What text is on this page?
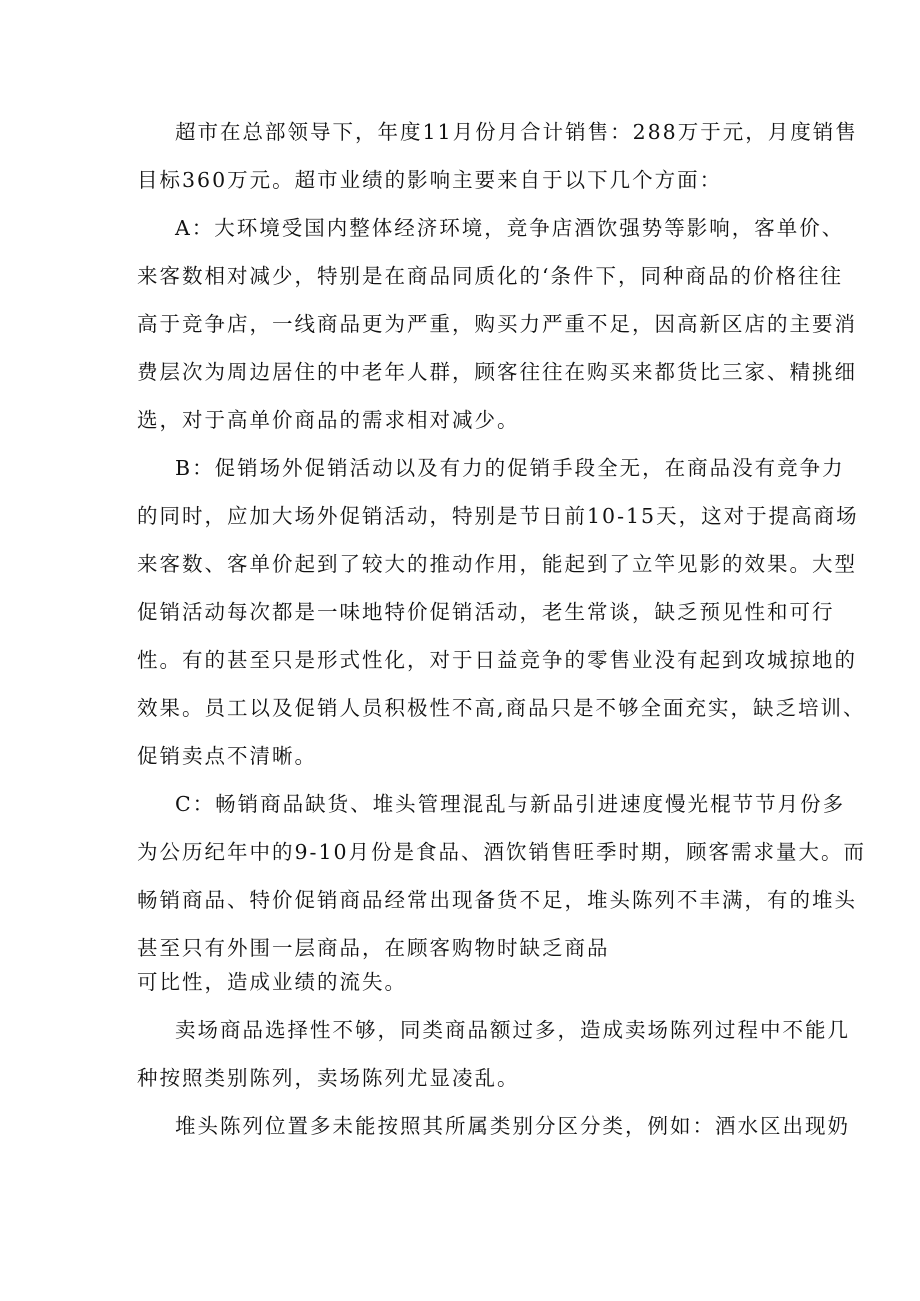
超市在总部领导下，年度11月份月合计销售：288万于元，月度销售
目标360万元。超市业绩的影响主要来自于以下几个方面：
A：大环境受国内整体经济环境，竞争店酒饮强势等影响，客单价、
来客数相对减少，特别是在商品同质化的‘条件下，同种商品的价格往往
高于竞争店，一线商品更为严重，购买力严重不足，因高新区店的主要消
费层次为周边居住的中老年人群，顾客往往在购买来都货比三家、精挑细
选，对于高单价商品的需求相对减少。
B：促销场外促销活动以及有力的促销手段全无，在商品没有竞争力
的同时，应加大场外促销活动，特别是节日前10-15天，这对于提高商场
来客数、客单价起到了较大的推动作用，能起到了立竿见影的效果。大型
促销活动每次都是一味地特价促销活动，老生常谈，缺乏预见性和可行
性。有的甚至只是形式性化，对于日益竞争的零售业没有起到攻城掠地的
效果。员工以及促销人员积极性不高,商品只是不够全面充实，缺乏培训、
促销卖点不清晰。
C：畅销商品缺货、堆头管理混乱与新品引进速度慢光棍节节月份多
为公历纪年中的9-10月份是食品、酒饮销售旺季时期，顾客需求量大。而
畅销商品、特价促销商品经常出现备货不足，堆头陈列不丰满，有的堆头
甚至只有外围一层商品，在顾客购物时缺乏商品
可比性，造成业绩的流失。
卖场商品选择性不够，同类商品额过多，造成卖场陈列过程中不能几
种按照类别陈列，卖场陈列尤显凌乱。
堆头陈列位置多未能按照其所属类别分区分类，例如：酒水区出现奶
